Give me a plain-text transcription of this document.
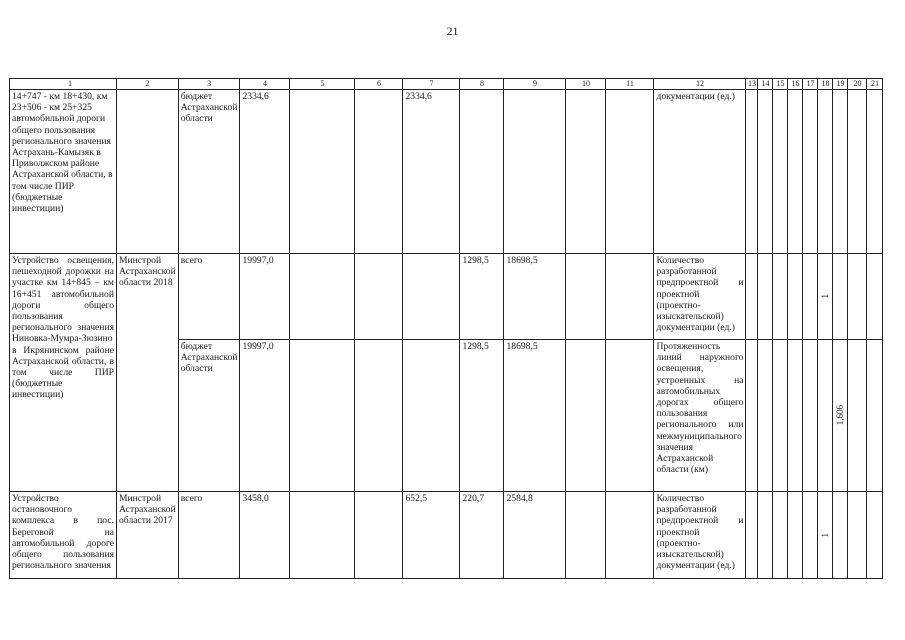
21
1	2	3	4	5	6	7	8	9	10	11	12	13	14	15	16	17	18	19	20	21
14+747 - км 18+430, км 23+506 - км 25+325 автомобильной дороги общего пользования регионального значения Астрахань-Камызяк в Приволжском районе Астраханской области, в том числе ПИР (бюджетные инвестиции)		бюджет Астраханской области	2334,6			2334,6					документации (ед.)									
Устройство освещения, пешеходной дорожки на участке км 14+845 – км 16+451 автомобильной дороги общего пользования регионального значения Ниновка-Мумра-Зюзино в Икрянинском районе Астраханской области, в том числе ПИР (бюджетные инвестиции)	Минстрой Астраханской области 2018	всего	19997,0				1298,5	18698,5			Количество разработанной предпроектной и проектной (проектно-изыскательской) документации (ед.)						1			

		бюджет Астраханской области	19997,0				1298,5	18698,5			Протяженность линий наружного освещения, устроенных на автомобильных дорогах общего пользования регионального или межмуниципального значения Астраханской области (км)							1,606		

Устройство остановочного комплекса в пос. Береговой на автомобильной дороге общего пользования регионального значения	Минстрой Астраханской области 2017	всего	3458,0			652,5	220,7	2584,8			Количество разработанной предпроектной и проектной (проектно-изыскательской) документации (ед.)						1			
